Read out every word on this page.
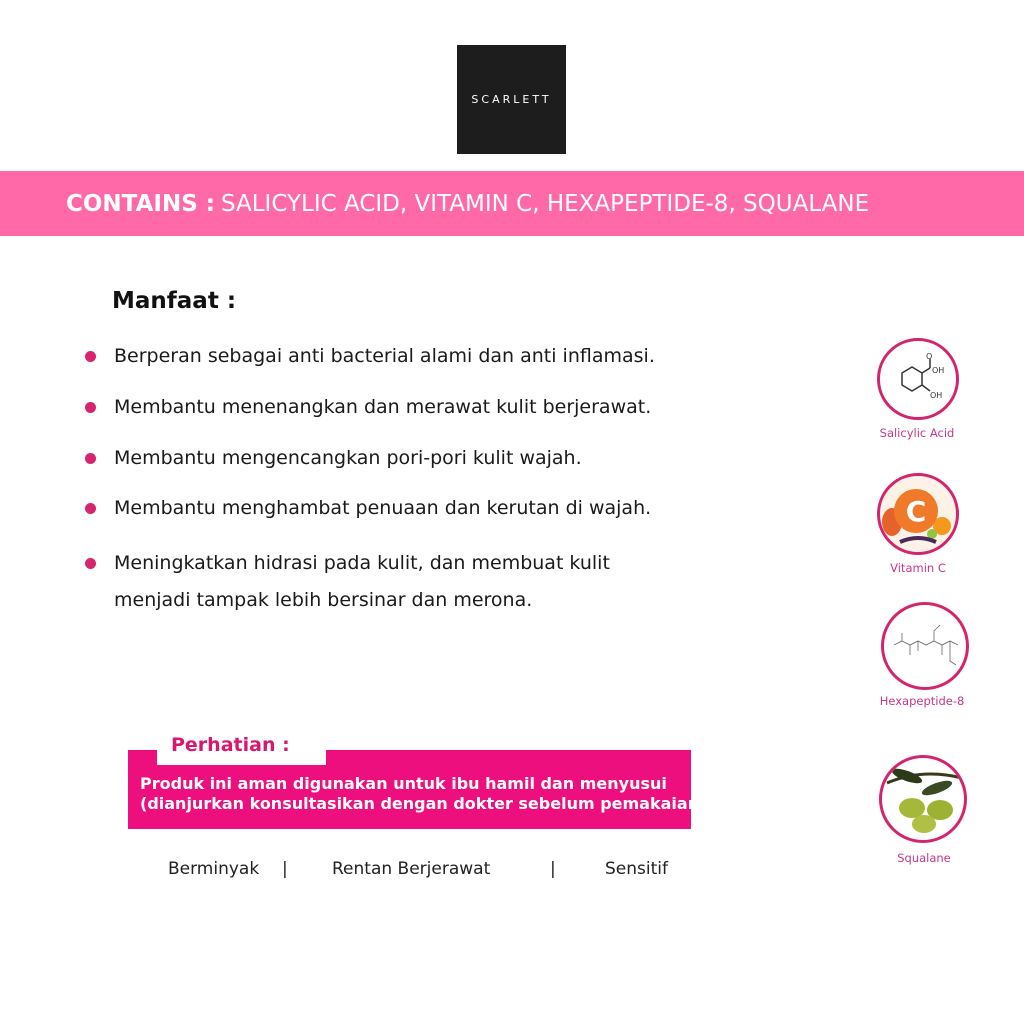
SCARLETT
CONTAINS : SALICYLIC ACID, VITAMIN C, HEXAPEPTIDE-8, SQUALANE
Manfaat :
Berperan sebagai anti bacterial alami dan anti inflamasi.
Membantu menenangkan dan merawat kulit berjerawat.
Membantu mengencangkan pori-pori kulit wajah.
Membantu menghambat penuaan dan kerutan di wajah.
Meningkatkan hidrasi pada kulit, dan membuat kulit
menjadi tampak lebih bersinar dan merona.
Perhatian :
Produk ini aman digunakan untuk ibu hamil dan menyusui
(dianjurkan konsultasikan dengan dokter sebelum pemakaian).
Berminyak |	Rentan Berjerawat	|	Sensitif
O
OH
OH
Salicylic Acid
C
Vitamin C
Hexapeptide-8
Squalane
